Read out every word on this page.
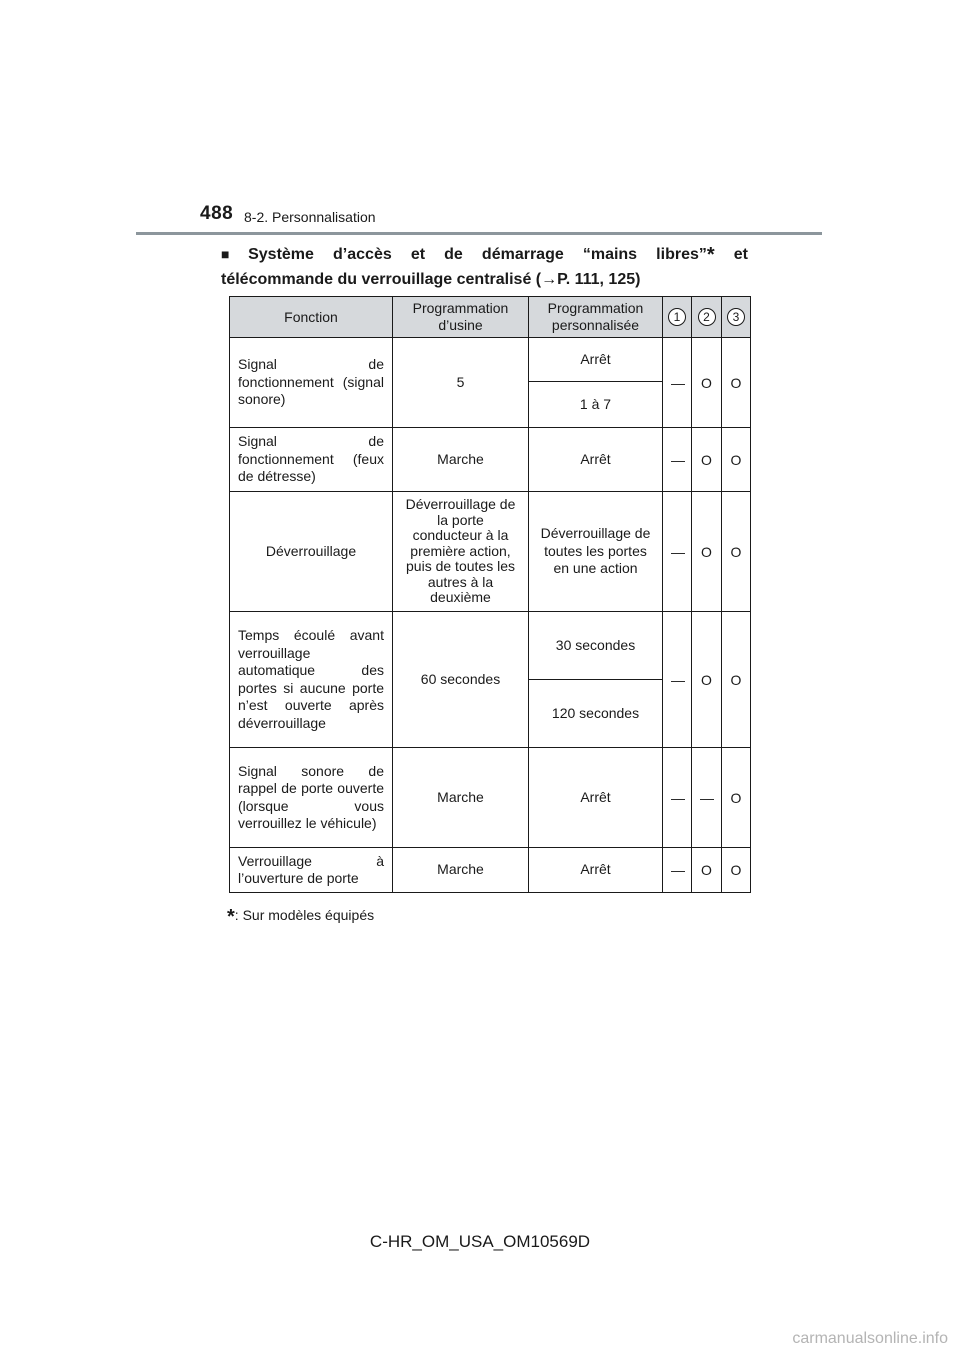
488 8-2. Personnalisation
■ Système d’accès et de démarrage “mains libres”* et
télécommande du verrouillage centralisé (→P. 111, 125)
Fonction	Programmation d’usine	Programmation personnalisée	1	2	3
Signal de fonctionnement (signal sonore)	5	Arrêt	—	O	O
		1 à 7			
Signal de fonctionnement (feux de détresse)	Marche	Arrêt	—	O	O
Déverrouillage	Déverrouillage de la porte conducteur à la première action, puis de toutes les autres à la deuxième	Déverrouillage de toutes les portes en une action	—	O	O
Temps écoulé avant verrouillage automatique des portes si aucune porte n’est ouverte après déverrouillage	60 secondes	30 secondes	—	O	O
		120 secondes			
Signal sonore de rappel de porte ouverte (lorsque vous verrouillez le véhicule)	Marche	Arrêt	—	—	O
Verrouillage à l’ouverture de porte	Marche	Arrêt	—	O	O
*: Sur modèles équipés
C-HR_OM_USA_OM10569D
carmanualsonline.info
